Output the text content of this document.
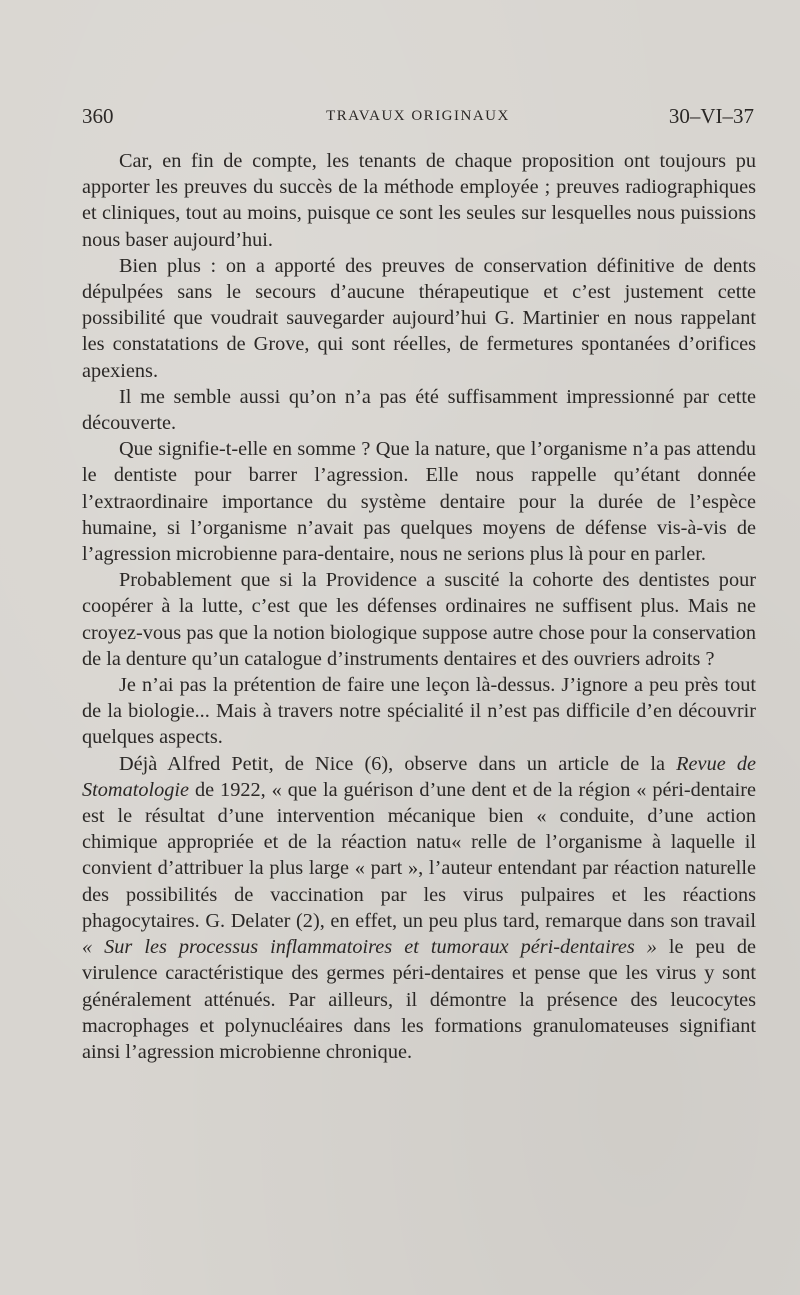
360	TRAVAUX ORIGINAUX	30–VI–37

Car, en fin de compte, les tenants de chaque proposition ont toujours pu apporter les preuves du succès de la méthode employée ; preuves radiographiques et cliniques, tout au moins, puisque ce sont les seules sur lesquelles nous puissions nous baser aujourd’hui.

Bien plus : on a apporté des preuves de conservation définitive de dents dépulpées sans le secours d’aucune thérapeutique et c’est justement cette possibilité que voudrait sauvegarder aujourd’hui G. Martinier en nous rappelant les constatations de Grove, qui sont réelles, de fermetures spontanées d’orifices apexiens.

Il me semble aussi qu’on n’a pas été suffisamment impressionné par cette découverte.

Que signifie-t-elle en somme ? Que la nature, que l’organisme n’a pas attendu le dentiste pour barrer l’agression. Elle nous rappelle qu’étant donnée l’extraordinaire importance du système dentaire pour la durée de l’espèce humaine, si l’organisme n’avait pas quelques moyens de défense vis-à-vis de l’agression microbienne para-dentaire, nous ne serions plus là pour en parler.

Probablement que si la Providence a suscité la cohorte des dentistes pour coopérer à la lutte, c’est que les défenses ordinaires ne suffisent plus. Mais ne croyez-vous pas que la notion biologique suppose autre chose pour la conservation de la denture qu’un catalogue d’instruments dentaires et des ouvriers adroits ?

Je n’ai pas la prétention de faire une leçon là-dessus. J’ignore a peu près tout de la biologie... Mais à travers notre spécialité il n’est pas difficile d’en découvrir quelques aspects.

Déjà Alfred Petit, de Nice (6), observe dans un article de la Revue de Stomatologie de 1922, « que la guérison d’une dent et de la région « péri-dentaire est le résultat d’une intervention mécanique bien « conduite, d’une action chimique appropriée et de la réaction natu« relle de l’organisme à laquelle il convient d’attribuer la plus large « part », l’auteur entendant par réaction naturelle des possibilités de vaccination par les virus pulpaires et les réactions phagocytaires. G. Delater (2), en effet, un peu plus tard, remarque dans son travail « Sur les processus inflammatoires et tumoraux péri-dentaires » le peu de virulence caractéristique des germes péri-dentaires et pense que les virus y sont généralement atténués. Par ailleurs, il démontre la présence des leucocytes macrophages et polynucléaires dans les formations granulomateuses signifiant ainsi l’agression microbienne chronique.
